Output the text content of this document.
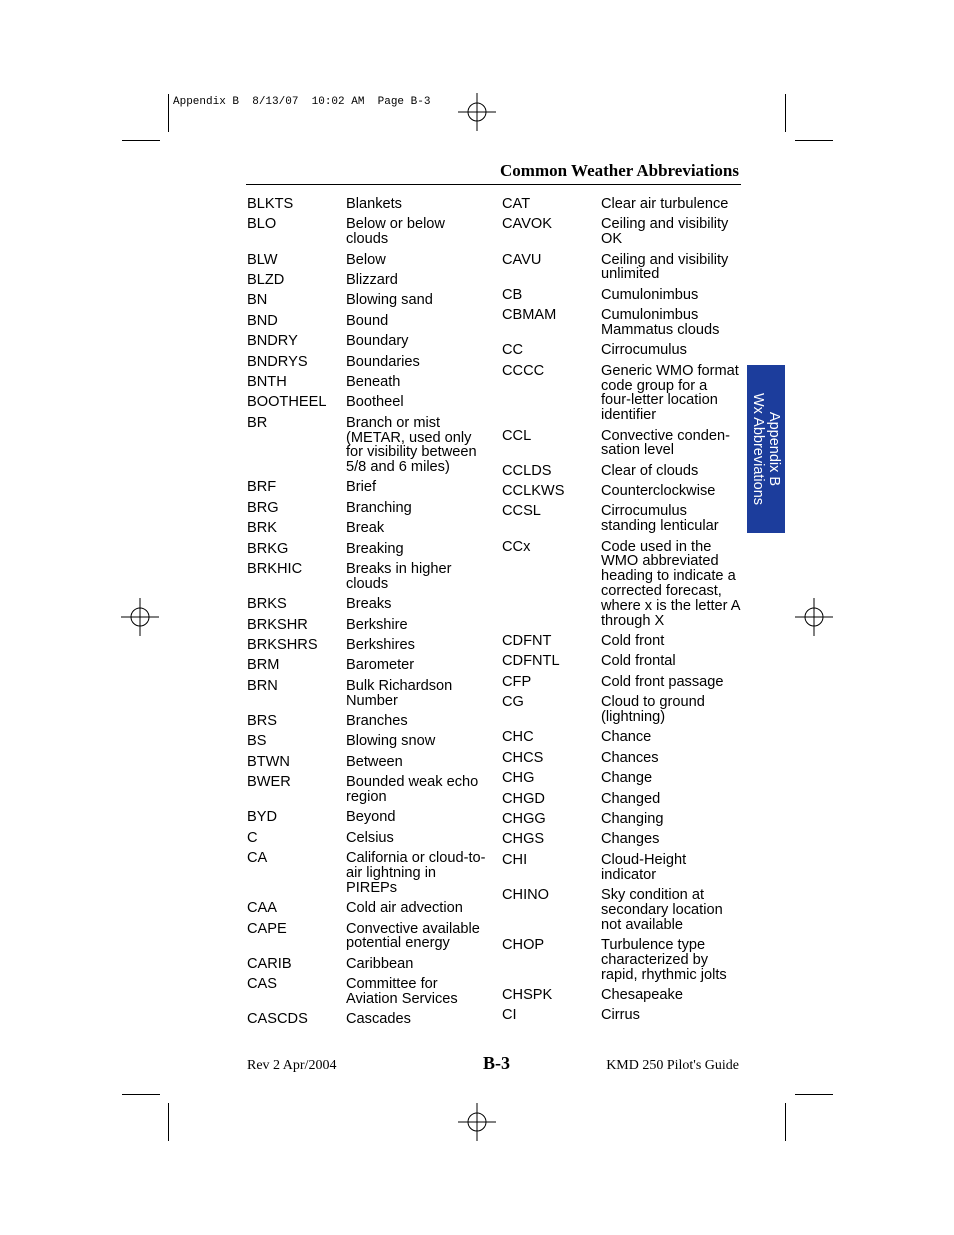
Appendix B  8/13/07  10:02 AM  Page B-3
Common Weather Abbreviations
BLKTS	Blankets
BLO	Below or below clouds
BLW	Below
BLZD	Blizzard
BN	Blowing sand
BND	Bound
BNDRY	Boundary
BNDRYS	Boundaries
BNTH	Beneath
BOOTHEEL	Bootheel
BR	Branch or mist (METAR, used only for visibility between 5/8 and 6 miles)
BRF	Brief
BRG	Branching
BRK	Break
BRKG	Breaking
BRKHIC	Breaks in higher clouds
BRKS	Breaks
BRKSHR	Berkshire
BRKSHRS	Berkshires
BRM	Barometer
BRN	Bulk Richardson Number
BRS	Branches
BS	Blowing snow
BTWN	Between
BWER	Bounded weak echo region
BYD	Beyond
C	Celsius
CA	California or cloud-to-air lightning in PIREPs
CAA	Cold air advection
CAPE	Convective available potential energy
CARIB	Caribbean
CAS	Committee for Aviation Services
CASCDS	Cascades
CAT	Clear air turbulence
CAVOK	Ceiling and visibility OK
CAVU	Ceiling and visibility unlimited
CB	Cumulonimbus
CBMAM	Cumulonimbus Mammatus clouds
CC	Cirrocumulus
CCCC	Generic WMO format code group for a four-letter location identifier
CCL	Convective conden-sation level
CCLDS	Clear of clouds
CCLKWS	Counterclockwise
CCSL	Cirrocumulus standing lenticular
CCx	Code used in the WMO abbreviated heading to indicate a corrected forecast, where x is the letter A through X
CDFNT	Cold front
CDFNTL	Cold frontal
CFP	Cold front passage
CG	Cloud to ground (lightning)
CHC	Chance
CHCS	Chances
CHG	Change
CHGD	Changed
CHGG	Changing
CHGS	Changes
CHI	Cloud-Height indicator
CHINO	Sky condition at secondary location not available
CHOP	Turbulence type characterized by rapid, rhythmic jolts
CHSPK	Chesapeake
CI	Cirrus
Appendix B
Wx Abbreviations
Rev 2 Apr/2004	B-3	KMD 250 Pilot's Guide
